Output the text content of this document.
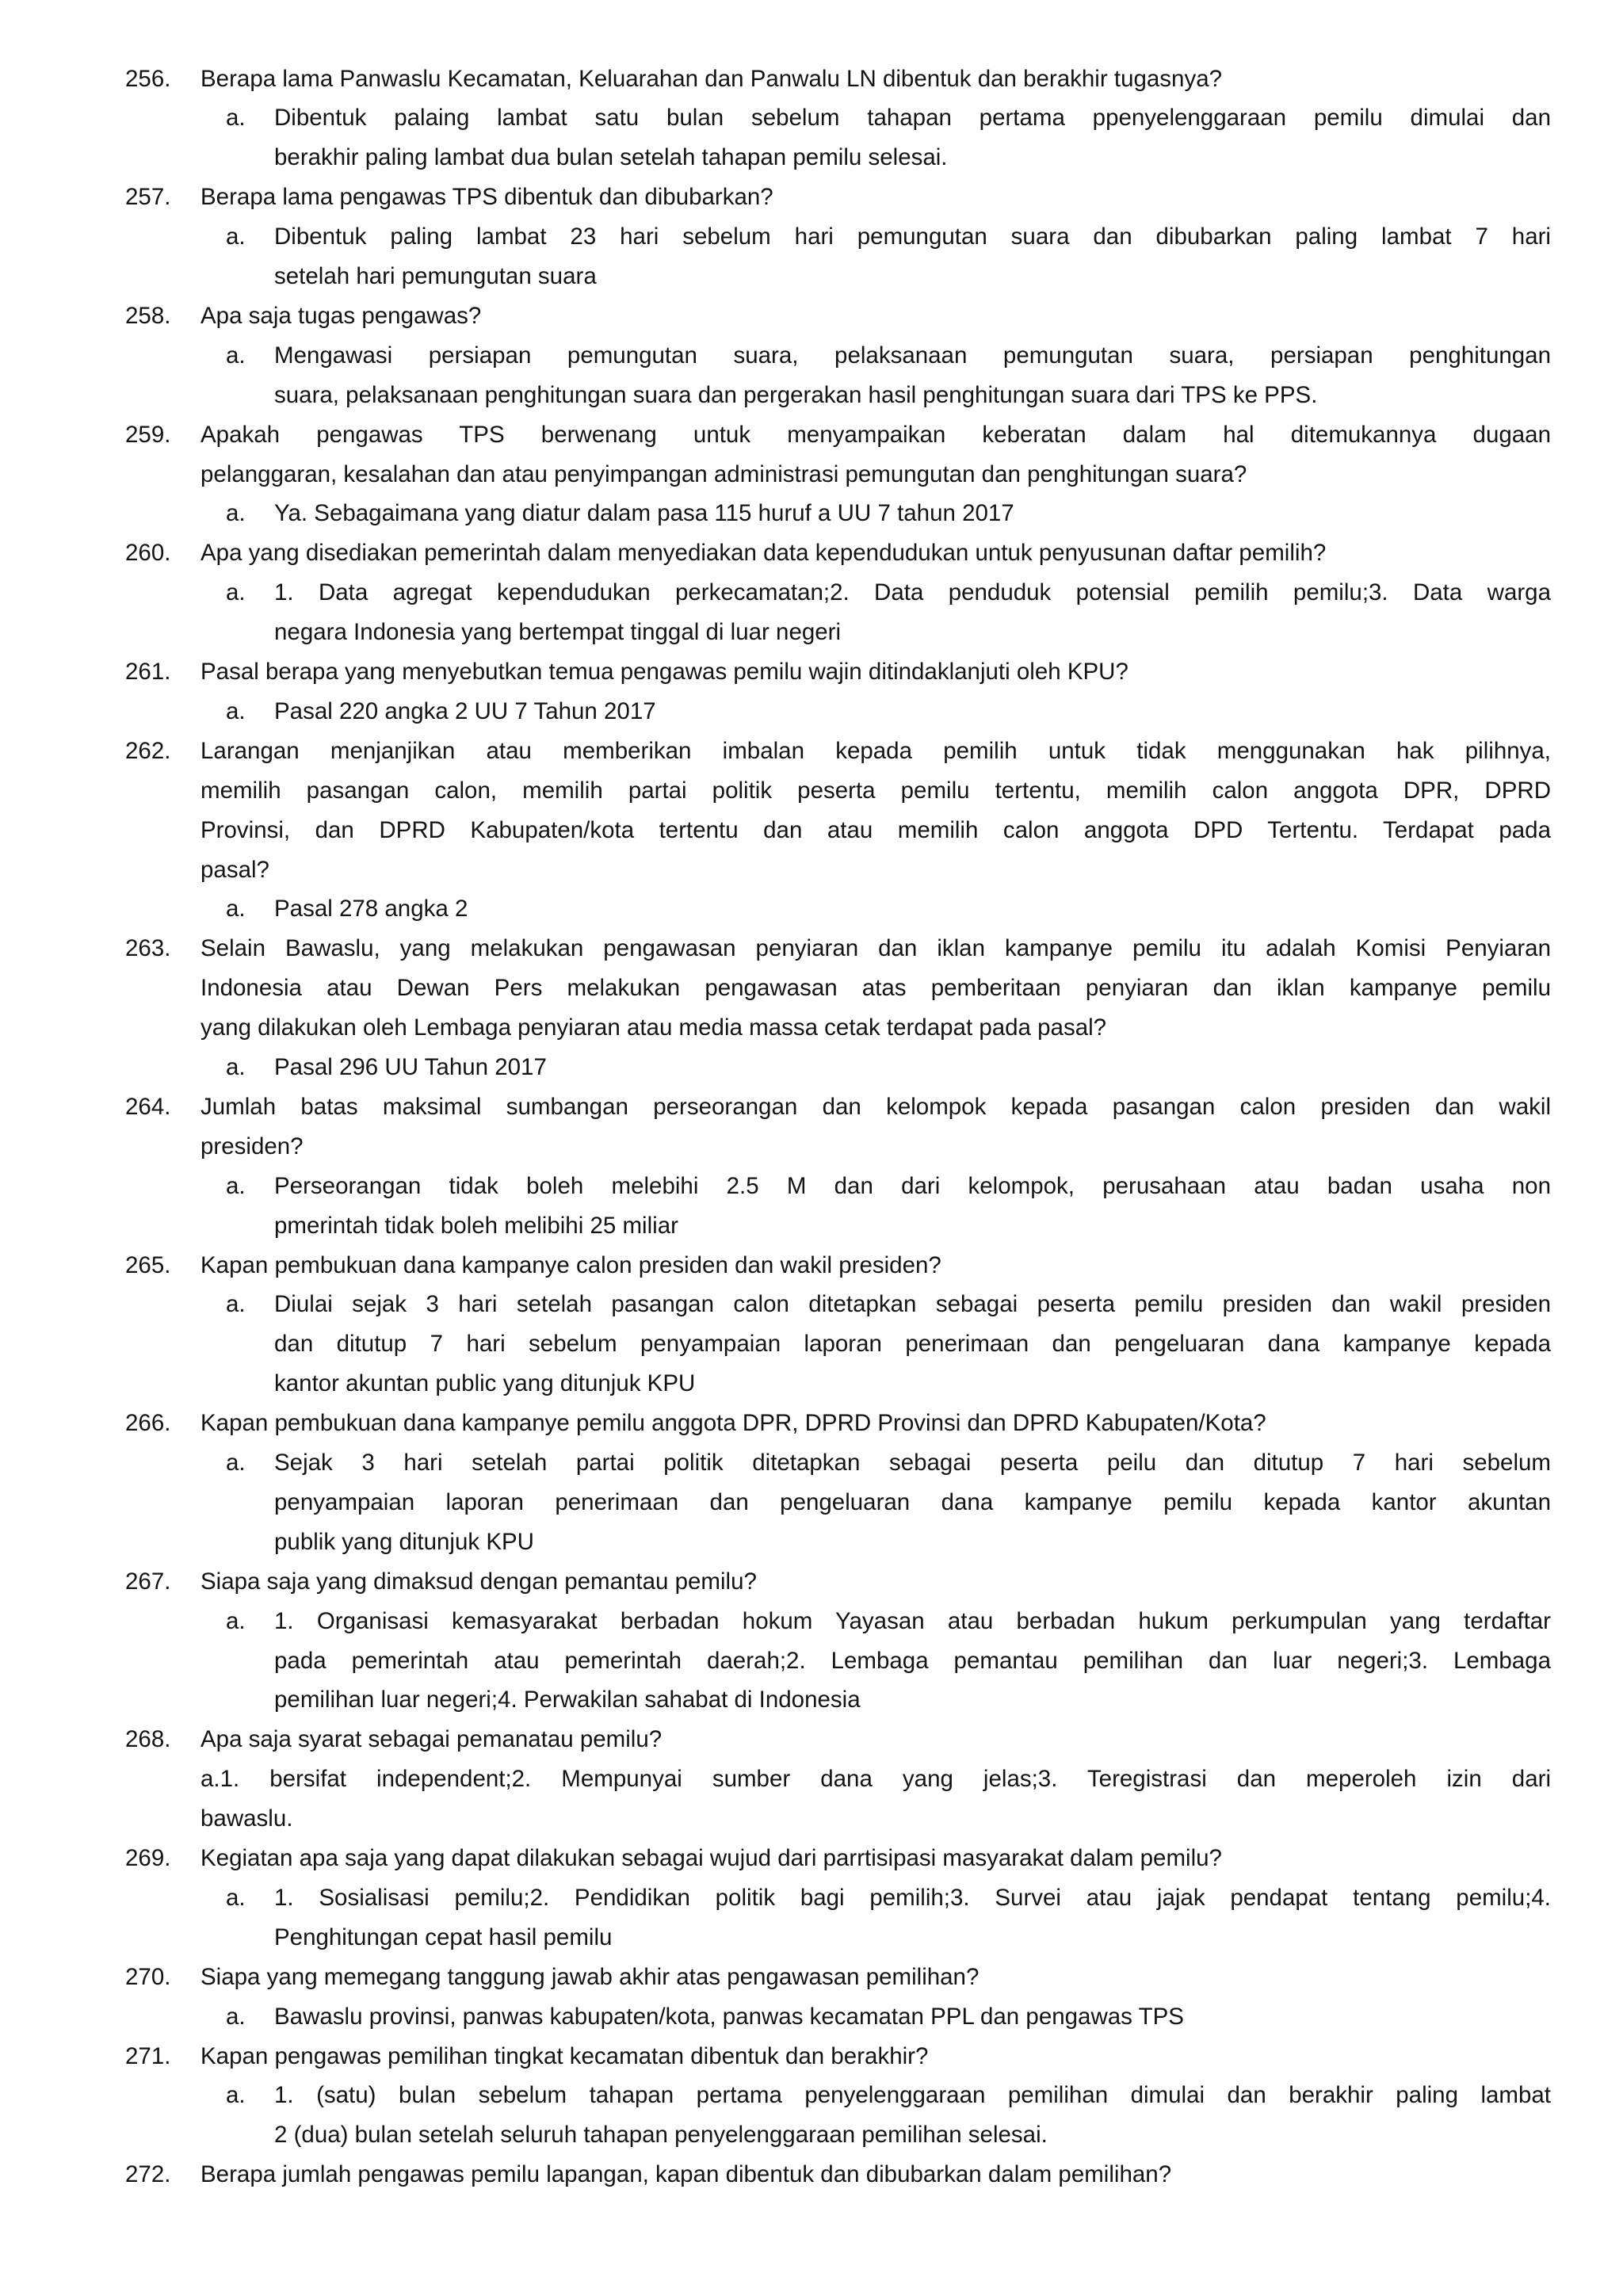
256.	Berapa lama Panwaslu Kecamatan, Keluarahan dan Panwalu LN dibentuk dan berakhir tugasnya?
a.	Dibentuk palaing lambat satu bulan sebelum tahapan pertama ppenyelenggaraan pemilu dimulai dan
berakhir paling lambat dua bulan setelah tahapan pemilu selesai.
257.	Berapa lama pengawas TPS dibentuk dan dibubarkan?
a.	Dibentuk paling lambat 23 hari sebelum hari pemungutan suara dan dibubarkan paling lambat 7 hari
setelah hari pemungutan suara
258.	Apa saja tugas pengawas?
a.	Mengawasi persiapan pemungutan suara, pelaksanaan pemungutan suara, persiapan penghitungan
suara, pelaksanaan penghitungan suara dan pergerakan hasil penghitungan suara dari TPS ke PPS.
259.	Apakah pengawas TPS berwenang untuk menyampaikan keberatan dalam hal ditemukannya dugaan
pelanggaran, kesalahan dan atau penyimpangan administrasi pemungutan dan penghitungan suara?
a.	Ya. Sebagaimana yang diatur dalam pasa 115 huruf a UU 7 tahun 2017
260.	Apa yang disediakan pemerintah dalam menyediakan data kependudukan untuk penyusunan daftar pemilih?
a.	1. Data agregat kependudukan perkecamatan;2. Data penduduk potensial pemilih pemilu;3. Data warga
negara Indonesia yang bertempat tinggal di luar negeri
261.	Pasal berapa yang menyebutkan temua pengawas pemilu wajin ditindaklanjuti oleh KPU?
a.	Pasal 220 angka 2 UU 7 Tahun 2017
262.	Larangan menjanjikan atau memberikan imbalan kepada pemilih untuk tidak menggunakan hak pilihnya,
memilih pasangan calon, memilih partai politik peserta pemilu tertentu, memilih calon anggota DPR, DPRD
Provinsi, dan DPRD Kabupaten/kota tertentu dan atau memilih calon anggota DPD Tertentu. Terdapat pada
pasal?
a.	Pasal 278 angka 2
263.	Selain Bawaslu, yang melakukan pengawasan penyiaran dan iklan kampanye pemilu itu adalah Komisi Penyiaran
Indonesia atau Dewan Pers melakukan pengawasan atas pemberitaan penyiaran dan iklan kampanye pemilu
yang dilakukan oleh Lembaga penyiaran atau media massa cetak terdapat pada pasal?
a.	Pasal 296 UU Tahun 2017
264.	Jumlah batas maksimal sumbangan perseorangan dan kelompok kepada pasangan calon presiden dan wakil
presiden?
a.	Perseorangan tidak boleh melebihi 2.5 M dan dari kelompok, perusahaan atau badan usaha non
pmerintah tidak boleh melibihi 25 miliar
265.	Kapan pembukuan dana kampanye calon presiden dan wakil presiden?
a.	Diulai sejak 3 hari setelah pasangan calon ditetapkan sebagai peserta pemilu presiden dan wakil presiden
dan ditutup 7 hari sebelum penyampaian laporan penerimaan dan pengeluaran dana kampanye kepada
kantor akuntan public yang ditunjuk KPU
266.	Kapan pembukuan dana kampanye pemilu anggota DPR, DPRD Provinsi dan DPRD Kabupaten/Kota?
a.	Sejak 3 hari setelah partai politik ditetapkan sebagai peserta peilu dan ditutup 7 hari sebelum
penyampaian laporan penerimaan dan pengeluaran dana kampanye pemilu kepada kantor akuntan
publik yang ditunjuk KPU
267.	Siapa saja yang dimaksud dengan pemantau pemilu?
a.	1. Organisasi kemasyarakat berbadan hokum Yayasan atau berbadan hukum perkumpulan yang terdaftar
pada pemerintah atau pemerintah daerah;2. Lembaga pemantau pemilihan dan luar negeri;3. Lembaga
pemilihan luar negeri;4. Perwakilan sahabat di Indonesia
268.	Apa saja syarat sebagai pemanatau pemilu?
a.1. bersifat independent;2. Mempunyai sumber dana yang jelas;3. Teregistrasi dan meperoleh izin dari
bawaslu.
269.	Kegiatan apa saja yang dapat dilakukan sebagai wujud dari parrtisipasi masyarakat dalam pemilu?
a.	1. Sosialisasi pemilu;2. Pendidikan politik bagi pemilih;3. Survei atau jajak pendapat tentang pemilu;4.
Penghitungan cepat hasil pemilu
270.	Siapa yang memegang tanggung jawab akhir atas pengawasan pemilihan?
a.	Bawaslu provinsi, panwas kabupaten/kota, panwas kecamatan PPL dan pengawas TPS
271.	Kapan pengawas pemilihan tingkat kecamatan dibentuk dan berakhir?
a.	1. (satu) bulan sebelum tahapan pertama penyelenggaraan pemilihan dimulai dan berakhir paling lambat
2 (dua) bulan setelah seluruh tahapan penyelenggaraan pemilihan selesai.
272.	Berapa jumlah pengawas pemilu lapangan, kapan dibentuk dan dibubarkan dalam pemilihan?
